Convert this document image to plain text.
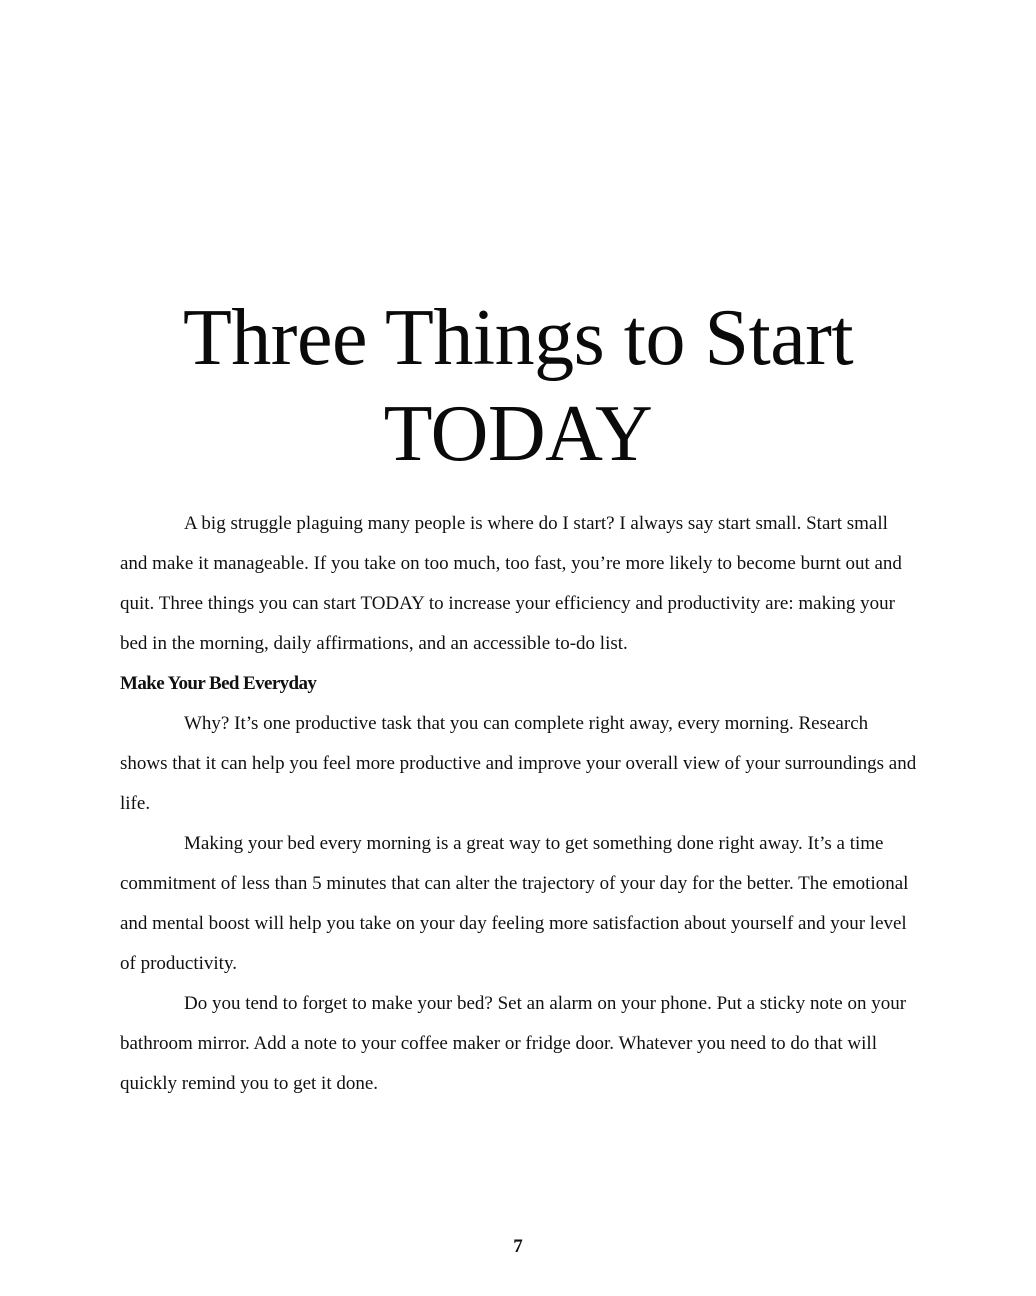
Three Things to Start
TODAY

A big struggle plaguing many people is where do I start? I always say start small. Start small and make it manageable. If you take on too much, too fast, you’re more likely to become burnt out and quit. Three things you can start TODAY to increase your efficiency and productivity are: making your bed in the morning, daily affirmations, and an accessible to-do list.

Make Your Bed Everyday

Why? It’s one productive task that you can complete right away, every morning. Research shows that it can help you feel more productive and improve your overall view of your surroundings and life.

Making your bed every morning is a great way to get something done right away. It’s a time commitment of less than 5 minutes that can alter the trajectory of your day for the better. The emotional and mental boost will help you take on your day feeling more satisfaction about yourself and your level of productivity.

Do you tend to forget to make your bed? Set an alarm on your phone. Put a sticky note on your bathroom mirror. Add a note to your coffee maker or fridge door. Whatever you need to do that will quickly remind you to get it done.

7
